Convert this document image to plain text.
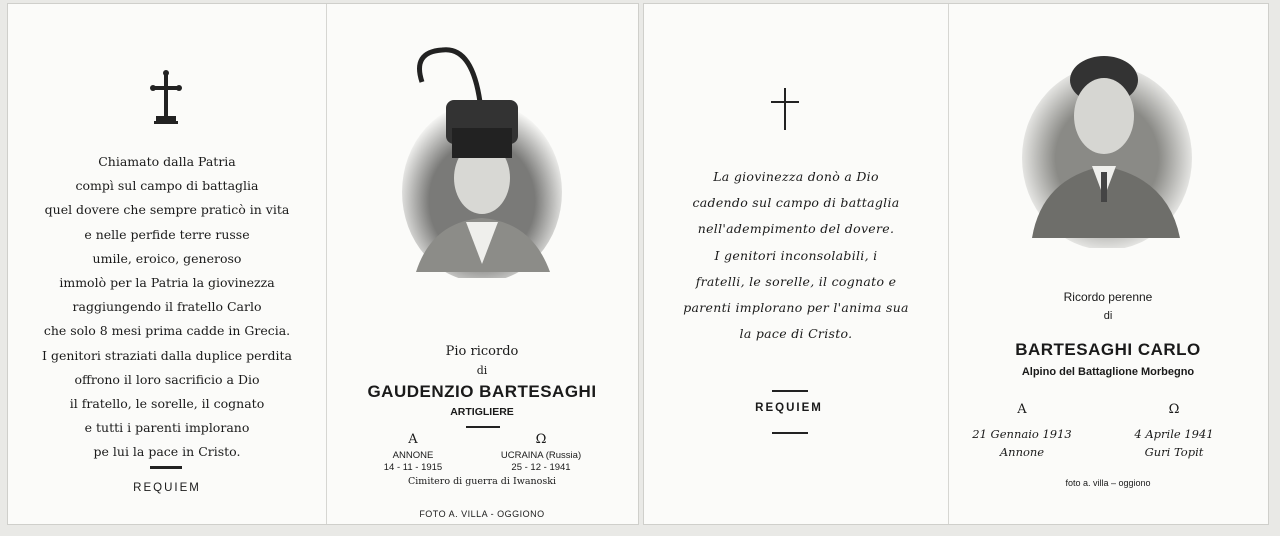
Chiamato dalla Patria
compì sul campo di battaglia
quel dovere che sempre praticò in vita
e nelle perfide terre russe
umile, eroico, generoso
immolò per la Patria la giovinezza
raggiungendo il fratello Carlo
che solo 8 mesi prima cadde in Grecia.
I genitori straziati dalla duplice perdita
offrono il loro sacrificio a Dio
il fratello, le sorelle, il cognato
e tutti i parenti implorano
pe lui la pace in Cristo.
REQUIEM
Pio ricordo
di
GAUDENZIO BARTESAGHI
ARTIGLIERE
A
ANNONE
14 - 11 - 1915
Ω
UCRAINA (Russia)
25 - 12 - 1941
Cimitero di guerra di Iwanoski
FOTO A. VILLA - OGGIONO
La giovinezza donò a Dio
cadendo sul campo di battaglia
nell'adempimento del dovere.
I genitori inconsolabili, i
fratelli, le sorelle, il cognato e
parenti implorano per l'anima sua
la pace di Cristo.
REQUIEM
Ricordo perenne
di
BARTESAGHI CARLO
Alpino del Battaglione Morbegno
A
21 Gennaio 1913
Annone
Ω
4 Aprile 1941
Guri Topit
foto a. villa – oggiono
